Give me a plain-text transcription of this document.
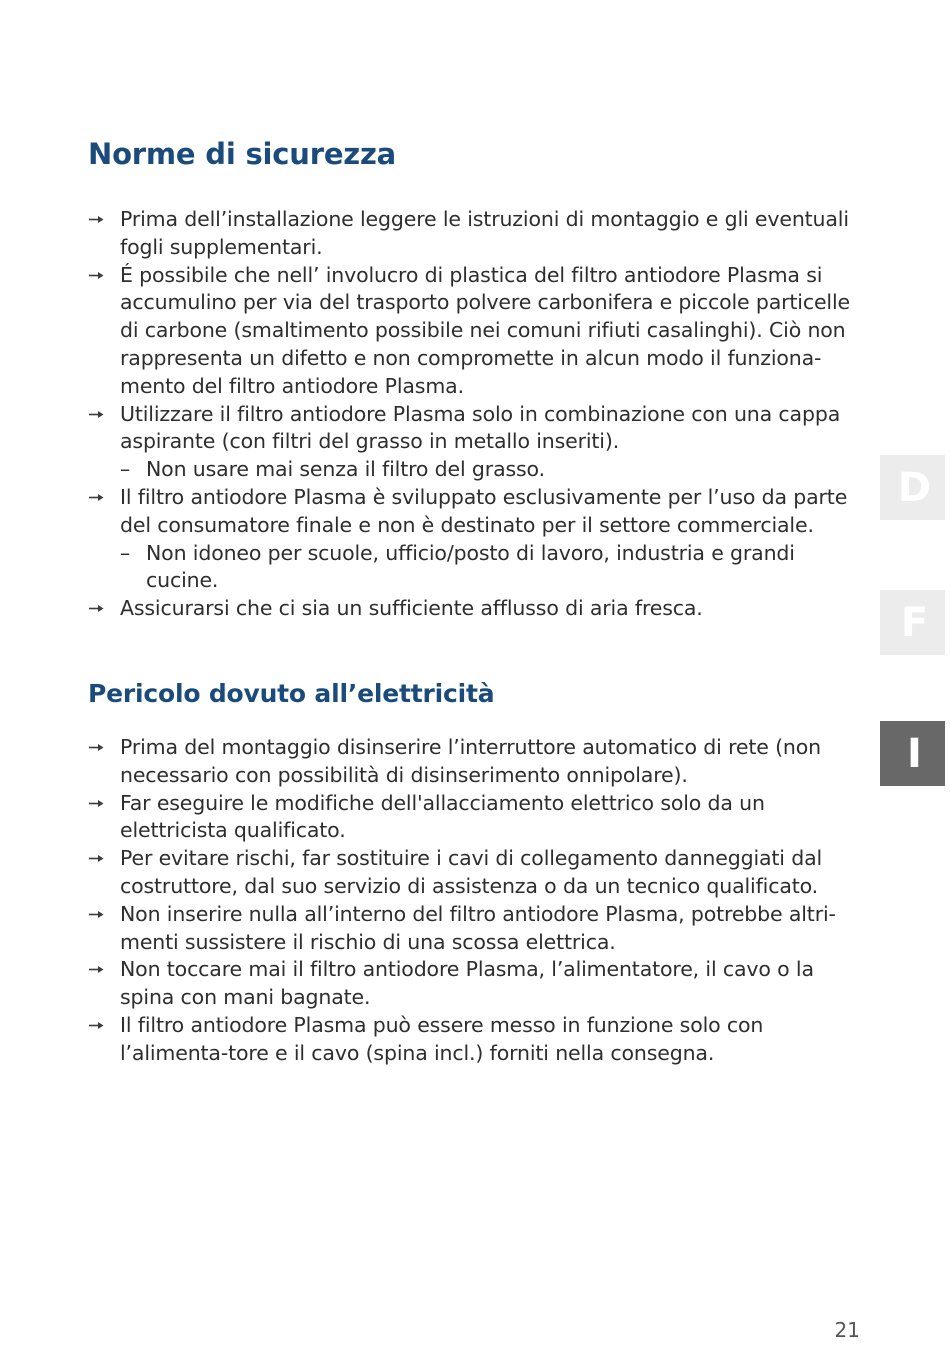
Norme di sicurezza
Prima dell’installazione leggere le istruzioni di montaggio e gli eventuali fogli supplementari.
É possibile che nell’ involucro di plastica del filtro antiodore Plasma si accumulino per via del trasporto polvere carbonifera e piccole particelle di carbone (smaltimento possibile nei comuni rifiuti casalinghi). Ciò non rappresenta un difetto e non compromette in alcun modo il funziona-mento del filtro antiodore Plasma.
Utilizzare il filtro antiodore Plasma solo in combinazione con una cappa aspirante (con filtri del grasso in metallo inseriti).
– Non usare mai senza il filtro del grasso.
Il filtro antiodore Plasma è sviluppato esclusivamente per l’uso da parte del consumatore finale e non è destinato per il settore commerciale.
– Non idoneo per scuole, ufficio/posto di lavoro, industria e grandi cucine.
Assicurarsi che ci sia un sufficiente afflusso di aria fresca.
Pericolo dovuto all’elettricità
Prima del montaggio disinserire l’interruttore automatico di rete (non necessario con possibilità di disinserimento onnipolare).
Far eseguire le modifiche dell'allacciamento elettrico solo da un elettricista qualificato.
Per evitare rischi, far sostituire i cavi di collegamento danneggiati dal costruttore, dal suo servizio di assistenza o da un tecnico qualificato.
Non inserire nulla all’interno del filtro antiodore Plasma, potrebbe altri-menti sussistere il rischio di una scossa elettrica.
Non toccare mai il filtro antiodore Plasma, l’alimentatore, il cavo o la spina con mani bagnate.
Il filtro antiodore Plasma può essere messo in funzione solo con l’alimenta-tore e il cavo (spina incl.) forniti nella consegna.
D
F
I
21
